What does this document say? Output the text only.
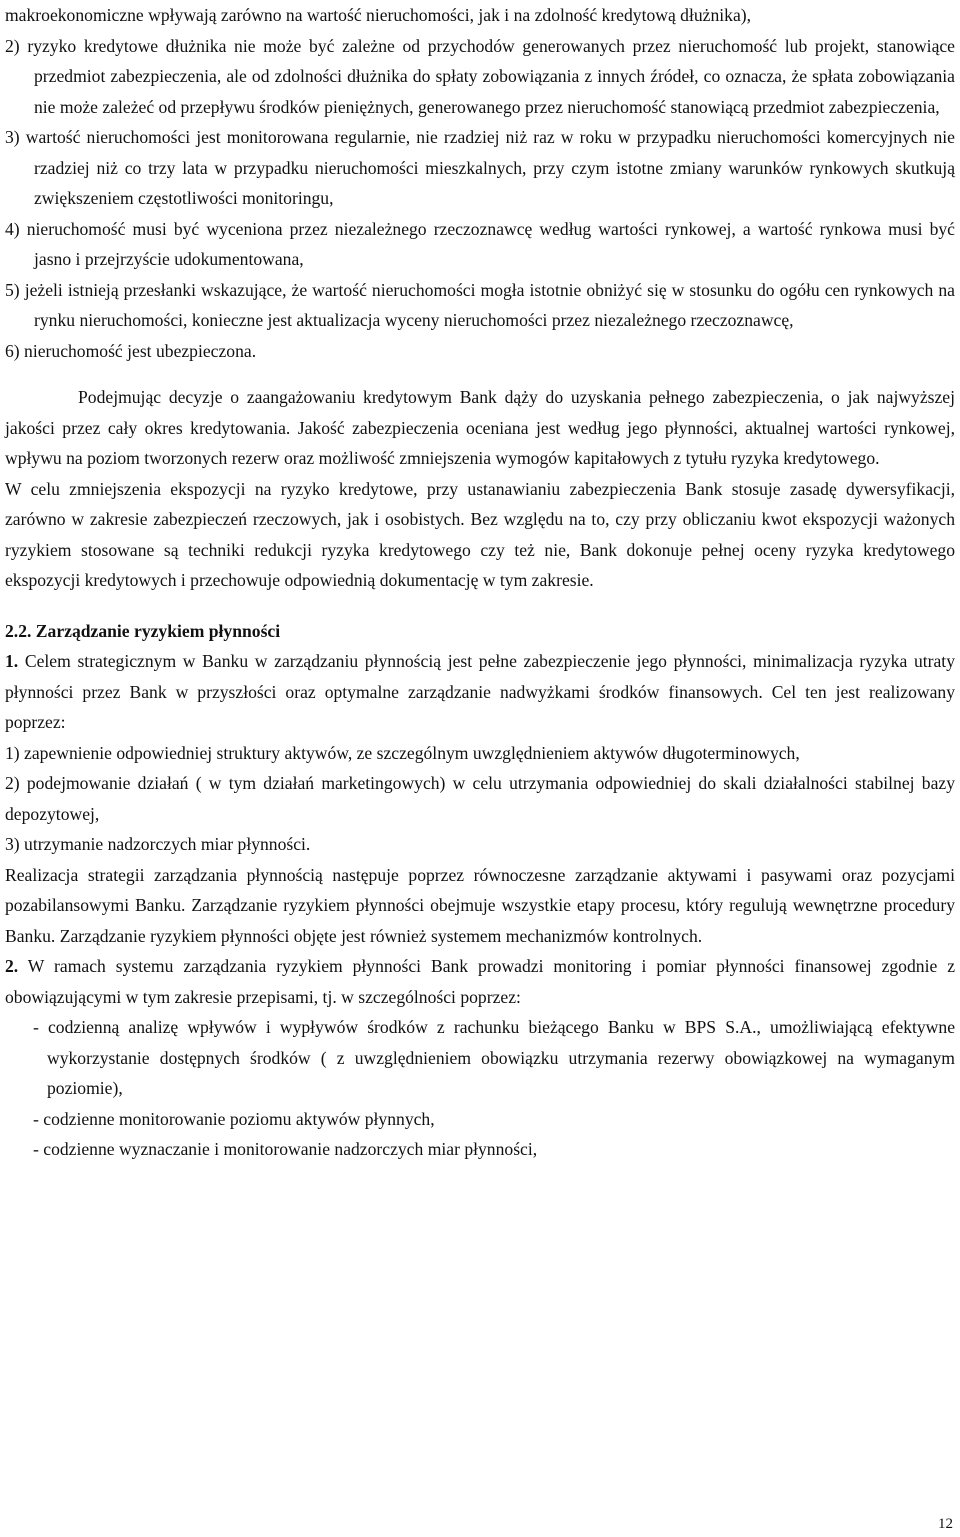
makroekonomiczne wpływają zarówno na wartość nieruchomości, jak i na zdolność kredytową dłużnika),

2) ryzyko kredytowe dłużnika nie może być zależne od przychodów generowanych przez nieruchomość lub projekt, stanowiące przedmiot zabezpieczenia, ale od zdolności dłużnika do spłaty zobowiązania z innych źródeł, co oznacza, że spłata zobowiązania nie może zależeć od przepływu środków pieniężnych, generowanego przez nieruchomość stanowiącą przedmiot zabezpieczenia,

3) wartość nieruchomości jest monitorowana regularnie, nie rzadziej niż raz w roku w przypadku nieruchomości komercyjnych nie rzadziej niż co trzy lata w przypadku nieruchomości mieszkalnych, przy czym istotne zmiany warunków rynkowych skutkują zwiększeniem częstotliwości monitoringu,

4) nieruchomość musi być wyceniona przez niezależnego rzeczoznawcę według wartości rynkowej, a wartość rynkowa musi być jasno i przejrzyście udokumentowana,

5) jeżeli istnieją przesłanki wskazujące, że wartość nieruchomości mogła istotnie obniżyć się w stosunku do ogółu cen rynkowych na rynku nieruchomości, konieczne jest aktualizacja wyceny nieruchomości przez niezależnego rzeczoznawcę,

6) nieruchomość jest ubezpieczona.

Podejmując decyzje o zaangażowaniu kredytowym Bank dąży do uzyskania pełnego zabezpieczenia, o jak najwyższej jakości przez cały okres kredytowania. Jakość zabezpieczenia oceniana jest według jego płynności, aktualnej wartości rynkowej, wpływu na poziom tworzonych rezerw oraz możliwość zmniejszenia wymogów kapitałowych z tytułu ryzyka kredytowego.

W celu zmniejszenia ekspozycji na ryzyko kredytowe, przy ustanawianiu zabezpieczenia Bank stosuje zasadę dywersyfikacji, zarówno w zakresie zabezpieczeń rzeczowych, jak i osobistych. Bez względu na to, czy przy obliczaniu kwot ekspozycji ważonych ryzykiem stosowane są techniki redukcji ryzyka kredytowego czy też nie, Bank dokonuje pełnej oceny ryzyka kredytowego ekspozycji kredytowych i przechowuje odpowiednią dokumentację w tym zakresie.

2.2. Zarządzanie ryzykiem płynności

1. Celem strategicznym w Banku w zarządzaniu płynnością jest pełne zabezpieczenie jego płynności, minimalizacja ryzyka utraty płynności przez Bank w przyszłości oraz optymalne zarządzanie nadwyżkami środków finansowych. Cel ten jest realizowany poprzez:

1) zapewnienie odpowiedniej struktury aktywów, ze szczególnym uwzględnieniem aktywów długoterminowych,

2) podejmowanie działań ( w tym działań marketingowych) w celu utrzymania odpowiedniej do skali działalności stabilnej bazy depozytowej,

3) utrzymanie nadzorczych miar płynności.

Realizacja strategii zarządzania płynnością następuje poprzez równoczesne zarządzanie aktywami i pasywami oraz pozycjami pozabilansowymi Banku. Zarządzanie ryzykiem płynności obejmuje wszystkie etapy procesu, który regulują wewnętrzne procedury Banku. Zarządzanie ryzykiem płynności objęte jest również systemem mechanizmów kontrolnych.

2. W ramach systemu zarządzania ryzykiem płynności Bank prowadzi monitoring i pomiar płynności finansowej zgodnie z obowiązującymi w tym zakresie przepisami, tj. w szczególności poprzez:

- codzienną analizę wpływów i wypływów środków z rachunku bieżącego Banku w BPS S.A., umożliwiającą efektywne wykorzystanie dostępnych środków ( z uwzględnieniem obowiązku utrzymania rezerwy obowiązkowej na wymaganym poziomie),

- codzienne monitorowanie poziomu aktywów płynnych,

- codzienne wyznaczanie i monitorowanie nadzorczych miar płynności,

12
